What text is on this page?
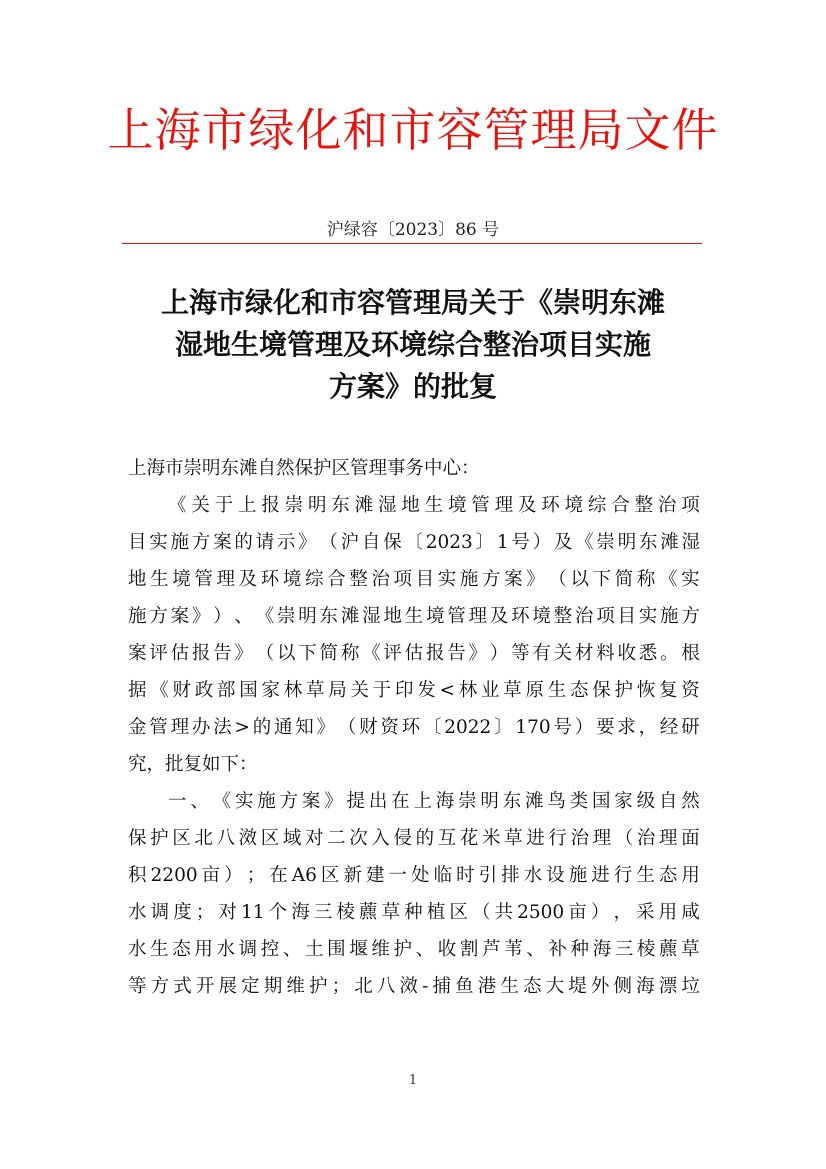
上海市绿化和市容管理局文件
沪绿容〔2023〕86 号
上海市绿化和市容管理局关于《崇明东滩
湿地生境管理及环境综合整治项目实施
方案》的批复
上海市崇明东滩自然保护区管理事务中心：
《 关 于 上 报 崇 明 东 滩 湿 地 生 境 管 理 及 环 境 综 合 整 治 项
目 实 施 方 案 的 请 示 》 （ 沪 自 保 〔 2023 〕 1 号 ） 及 《 崇 明 东 滩 湿
地 生 境 管 理 及 环 境 综 合 整 治 项 目 实 施 方 案 》 （ 以 下 简 称 《 实
施 方 案 》 ） 、 《 崇 明 东 滩 湿 地 生 境 管 理 及 环 境 整 治 项 目 实 施 方
案 评 估 报 告 》 （ 以 下 简 称 《 评 估 报 告 》 ） 等 有 关 材 料 收 悉 。 根
据 《 财 政 部 国 家 林 草 局 关 于 印 发 < 林 业 草 原 生 态 保 护 恢 复 资
金 管 理 办 法 > 的 通 知 》 （ 财 资 环 〔 2022 〕 170 号 ） 要 求 ， 经 研
究，批复如下：
一 、 《 实 施 方 案 》 提 出 在 上 海 崇 明 东 滩 鸟 类 国 家 级 自 然
保 护 区 北 八 滧 区 域 对 二 次 入 侵 的 互 花 米 草 进 行 治 理 （ 治 理 面
积 2200 亩 ） ； 在 A6 区 新 建 一 处 临 时 引 排 水 设 施 进 行 生 态 用
水 调 度 ； 对 11 个 海 三 棱 藨 草 种 植 区 （ 共 2500 亩 ） ， 采 用 咸
水 生 态 用 水 调 控 、 土 围 堰 维 护 、 收 割 芦 苇 、 补 种 海 三 棱 藨 草
等 方 式 开 展 定 期 维 护 ； 北 八 滧 - 捕 鱼 港 生 态 大 堤 外 侧 海 漂 垃
1
